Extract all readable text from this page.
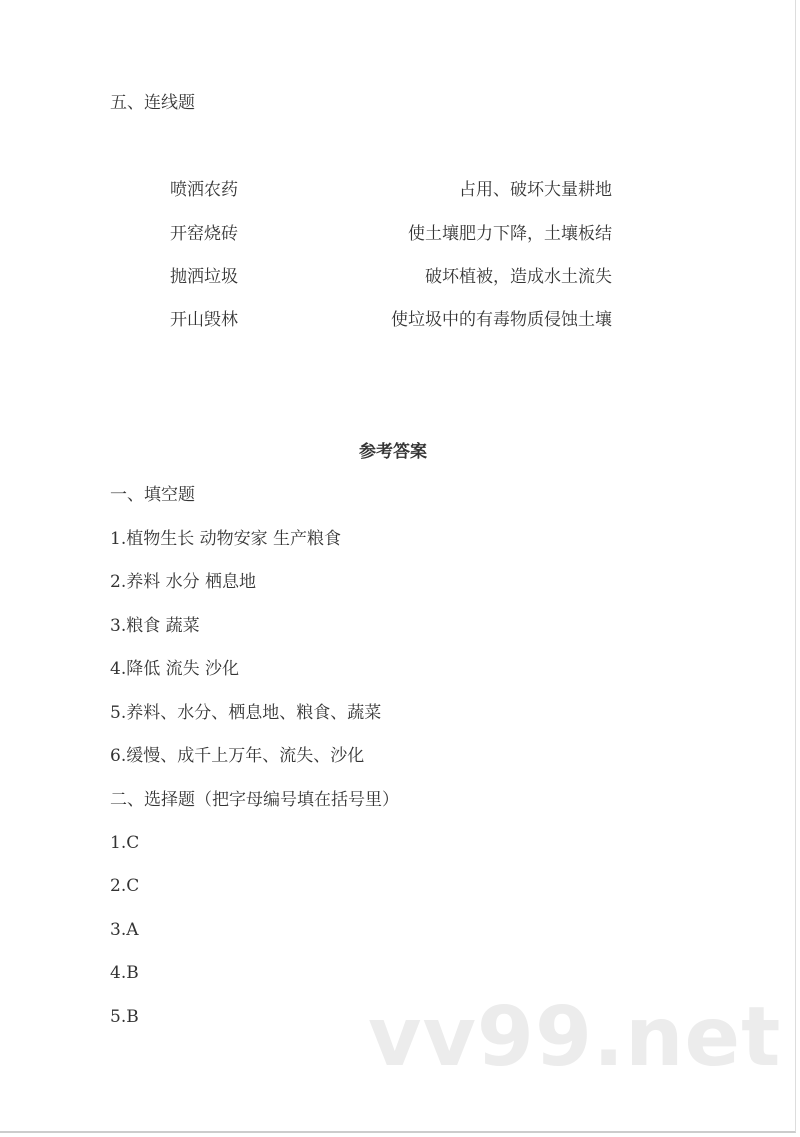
五、连线题
喷洒农药	占用、破坏大量耕地
开窑烧砖	使土壤肥力下降，土壤板结
抛洒垃圾	破坏植被，造成水土流失
开山毁林	使垃圾中的有毒物质侵蚀土壤
参考答案
一、填空题
1.植物生长 动物安家 生产粮食
2.养料 水分 栖息地
3.粮食 蔬菜
4.降低 流失 沙化
5.养料、水分、栖息地、粮食、蔬菜
6.缓慢、成千上万年、流失、沙化
二、选择题（把字母编号填在括号里）
1.C
2.C
3.A
4.B
5.B	vv99.net
